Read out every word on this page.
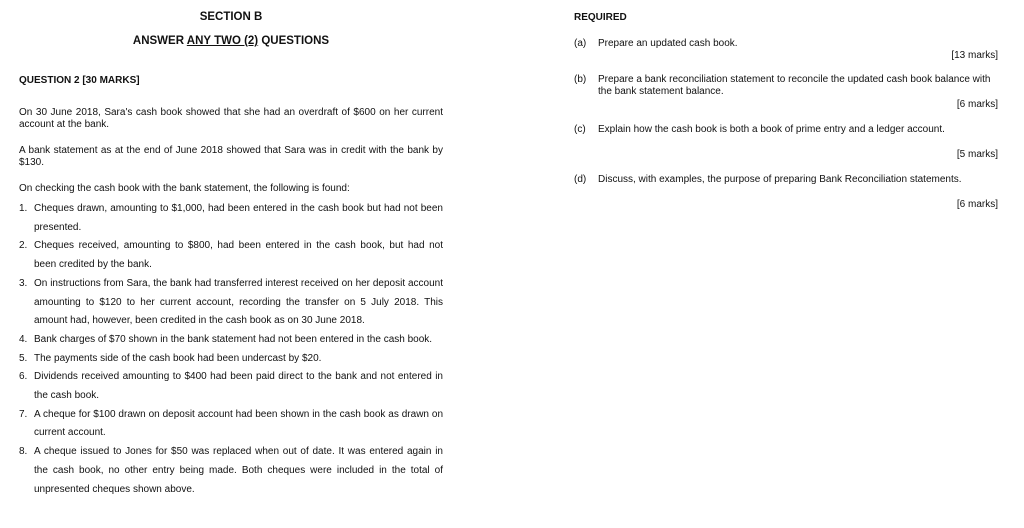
SECTION B
ANSWER ANY TWO (2) QUESTIONS
QUESTION 2 [30 MARKS]
On 30 June 2018, Sara's cash book showed that she had an overdraft of $600 on her current account at the bank.
A bank statement as at the end of June 2018 showed that Sara was in credit with the bank by $130.
On checking the cash book with the bank statement, the following is found:
1. Cheques drawn, amounting to $1,000, had been entered in the cash book but had not been presented.
2. Cheques received, amounting to $800, had been entered in the cash book, but had not been credited by the bank.
3. On instructions from Sara, the bank had transferred interest received on her deposit account amounting to $120 to her current account, recording the transfer on 5 July 2018. This amount had, however, been credited in the cash book as on 30 June 2018.
4. Bank charges of $70 shown in the bank statement had not been entered in the cash book.
5. The payments side of the cash book had been undercast by $20.
6. Dividends received amounting to $400 had been paid direct to the bank and not entered in the cash book.
7. A cheque for $100 drawn on deposit account had been shown in the cash book as drawn on current account.
8. A cheque issued to Jones for $50 was replaced when out of date. It was entered again in the cash book, no other entry being made. Both cheques were included in the total of unpresented cheques shown above.
REQUIRED
(a) Prepare an updated cash book.
[13 marks]
(b) Prepare a bank reconciliation statement to reconcile the updated cash book balance with the bank statement balance.
[6 marks]
(c) Explain how the cash book is both a book of prime entry and a ledger account.
[5 marks]
(d) Discuss, with examples, the purpose of preparing Bank Reconciliation statements.
[6 marks]
